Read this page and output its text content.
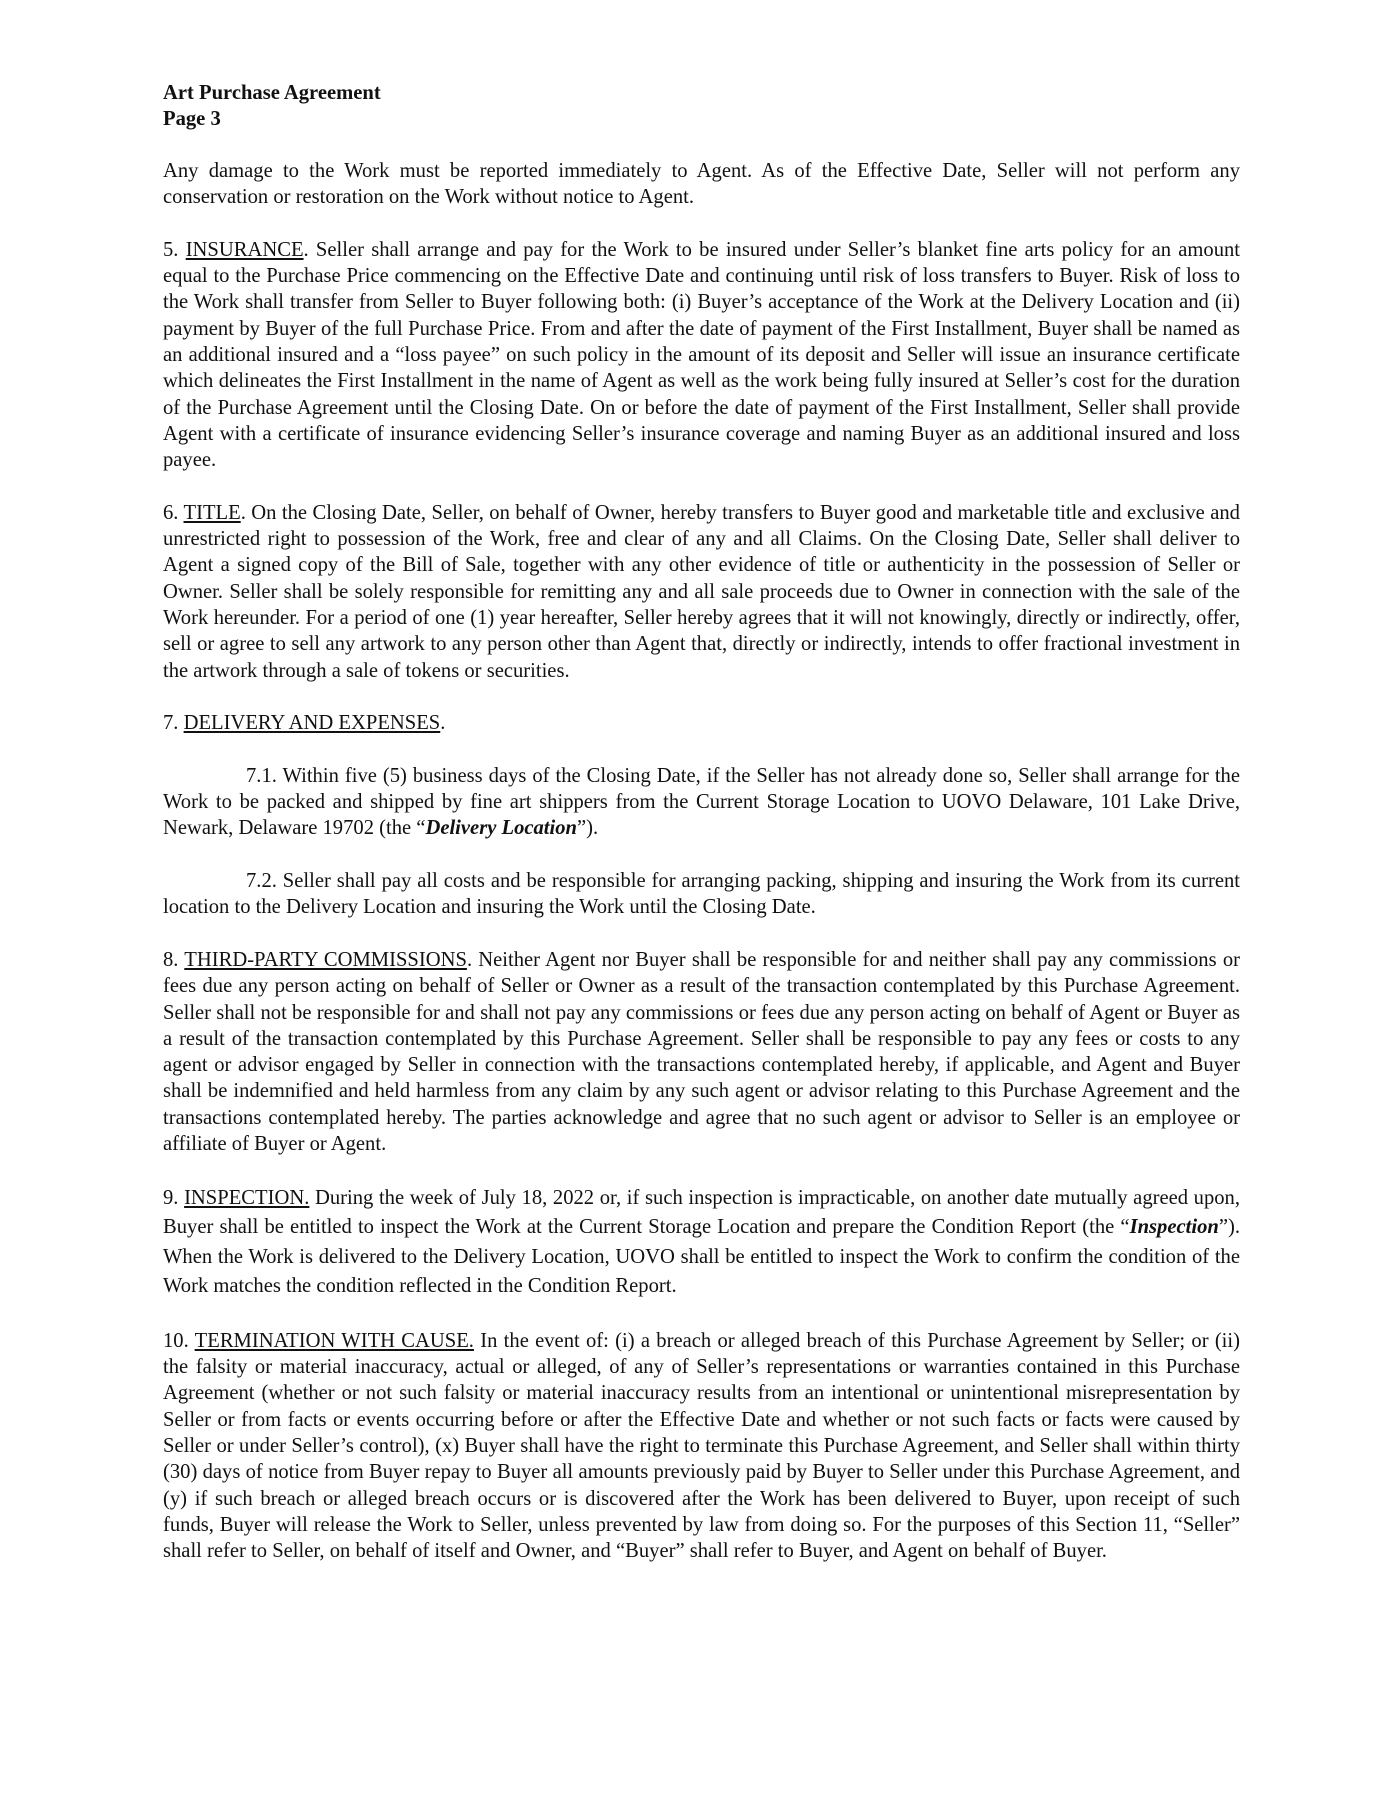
Art Purchase Agreement
Page 3

Any damage to the Work must be reported immediately to Agent. As of the Effective Date, Seller will not perform any conservation or restoration on the Work without notice to Agent.

5. INSURANCE. Seller shall arrange and pay for the Work to be insured under Seller’s blanket fine arts policy for an amount equal to the Purchase Price commencing on the Effective Date and continuing until risk of loss transfers to Buyer. Risk of loss to the Work shall transfer from Seller to Buyer following both: (i) Buyer’s acceptance of the Work at the Delivery Location and (ii) payment by Buyer of the full Purchase Price. From and after the date of payment of the First Installment, Buyer shall be named as an additional insured and a “loss payee” on such policy in the amount of its deposit and Seller will issue an insurance certificate which delineates the First Installment in the name of Agent as well as the work being fully insured at Seller’s cost for the duration of the Purchase Agreement until the Closing Date. On or before the date of payment of the First Installment, Seller shall provide Agent with a certificate of insurance evidencing Seller’s insurance coverage and naming Buyer as an additional insured and loss payee.

6. TITLE. On the Closing Date, Seller, on behalf of Owner, hereby transfers to Buyer good and marketable title and exclusive and unrestricted right to possession of the Work, free and clear of any and all Claims. On the Closing Date, Seller shall deliver to Agent a signed copy of the Bill of Sale, together with any other evidence of title or authenticity in the possession of Seller or Owner. Seller shall be solely responsible for remitting any and all sale proceeds due to Owner in connection with the sale of the Work hereunder. For a period of one (1) year hereafter, Seller hereby agrees that it will not knowingly, directly or indirectly, offer, sell or agree to sell any artwork to any person other than Agent that, directly or indirectly, intends to offer fractional investment in the artwork through a sale of tokens or securities.

7. DELIVERY AND EXPENSES.

7.1. Within five (5) business days of the Closing Date, if the Seller has not already done so, Seller shall arrange for the Work to be packed and shipped by fine art shippers from the Current Storage Location to UOVO Delaware, 101 Lake Drive, Newark, Delaware 19702 (the “Delivery Location”).

7.2. Seller shall pay all costs and be responsible for arranging packing, shipping and insuring the Work from its current location to the Delivery Location and insuring the Work until the Closing Date.

8. THIRD-PARTY COMMISSIONS. Neither Agent nor Buyer shall be responsible for and neither shall pay any commissions or fees due any person acting on behalf of Seller or Owner as a result of the transaction contemplated by this Purchase Agreement. Seller shall not be responsible for and shall not pay any commissions or fees due any person acting on behalf of Agent or Buyer as a result of the transaction contemplated by this Purchase Agreement. Seller shall be responsible to pay any fees or costs to any agent or advisor engaged by Seller in connection with the transactions contemplated hereby, if applicable, and Agent and Buyer shall be indemnified and held harmless from any claim by any such agent or advisor relating to this Purchase Agreement and the transactions contemplated hereby. The parties acknowledge and agree that no such agent or advisor to Seller is an employee or affiliate of Buyer or Agent.

9. INSPECTION. During the week of July 18, 2022 or, if such inspection is impracticable, on another date mutually agreed upon, Buyer shall be entitled to inspect the Work at the Current Storage Location and prepare the Condition Report (the “Inspection”). When the Work is delivered to the Delivery Location, UOVO shall be entitled to inspect the Work to confirm the condition of the Work matches the condition reflected in the Condition Report.

10. TERMINATION WITH CAUSE. In the event of: (i) a breach or alleged breach of this Purchase Agreement by Seller; or (ii) the falsity or material inaccuracy, actual or alleged, of any of Seller’s representations or warranties contained in this Purchase Agreement (whether or not such falsity or material inaccuracy results from an intentional or unintentional misrepresentation by Seller or from facts or events occurring before or after the Effective Date and whether or not such facts or facts were caused by Seller or under Seller’s control), (x) Buyer shall have the right to terminate this Purchase Agreement, and Seller shall within thirty (30) days of notice from Buyer repay to Buyer all amounts previously paid by Buyer to Seller under this Purchase Agreement, and (y) if such breach or alleged breach occurs or is discovered after the Work has been delivered to Buyer, upon receipt of such funds, Buyer will release the Work to Seller, unless prevented by law from doing so. For the purposes of this Section 11, “Seller” shall refer to Seller, on behalf of itself and Owner, and “Buyer” shall refer to Buyer, and Agent on behalf of Buyer.
